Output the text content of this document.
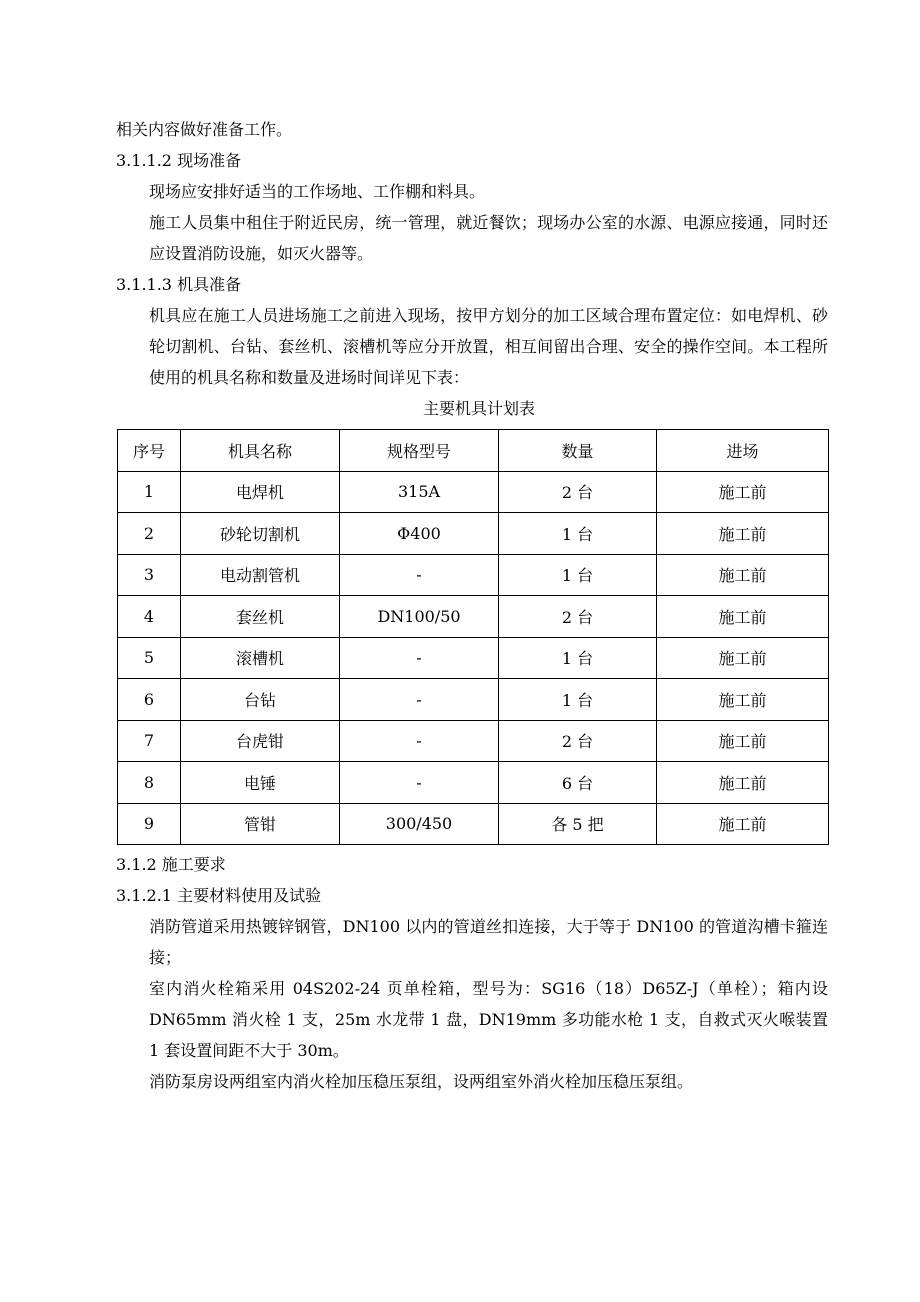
相关内容做好准备工作。

3.1.1.2 现场准备

现场应安排好适当的工作场地、工作棚和料具。

施工人员集中租住于附近民房，统一管理，就近餐饮；现场办公室的水源、电源应接通，同时还应设置消防设施，如灭火器等。

3.1.1.3 机具准备

机具应在施工人员进场施工之前进入现场，按甲方划分的加工区域合理布置定位：如电焊机、砂轮切割机、台钻、套丝机、滚槽机等应分开放置，相互间留出合理、安全的操作空间。本工程所使用的机具名称和数量及进场时间详见下表：

主要机具计划表

序号	机具名称	规格型号	数量	进场
1	电焊机	315A	2 台	施工前
2	砂轮切割机	Φ400	1 台	施工前
3	电动割管机	-	1 台	施工前
4	套丝机	DN100/50	2 台	施工前
5	滚槽机	-	1 台	施工前
6	台钻	-	1 台	施工前
7	台虎钳	-	2 台	施工前
8	电锤	-	6 台	施工前
9	管钳	300/450	各 5 把	施工前

3.1.2 施工要求

3.1.2.1 主要材料使用及试验

消防管道采用热镀锌钢管，DN100 以内的管道丝扣连接，大于等于 DN100 的管道沟槽卡箍连接；

室内消火栓箱采用 04S202-24 页单栓箱，型号为：SG16（18）D65Z-J（单栓）；箱内设 DN65mm 消火栓 1 支，25m 水龙带 1 盘，DN19mm 多功能水枪 1 支，自救式灭火喉装置 1 套设置间距不大于 30m。

消防泵房设两组室内消火栓加压稳压泵组，设两组室外消火栓加压稳压泵组。
